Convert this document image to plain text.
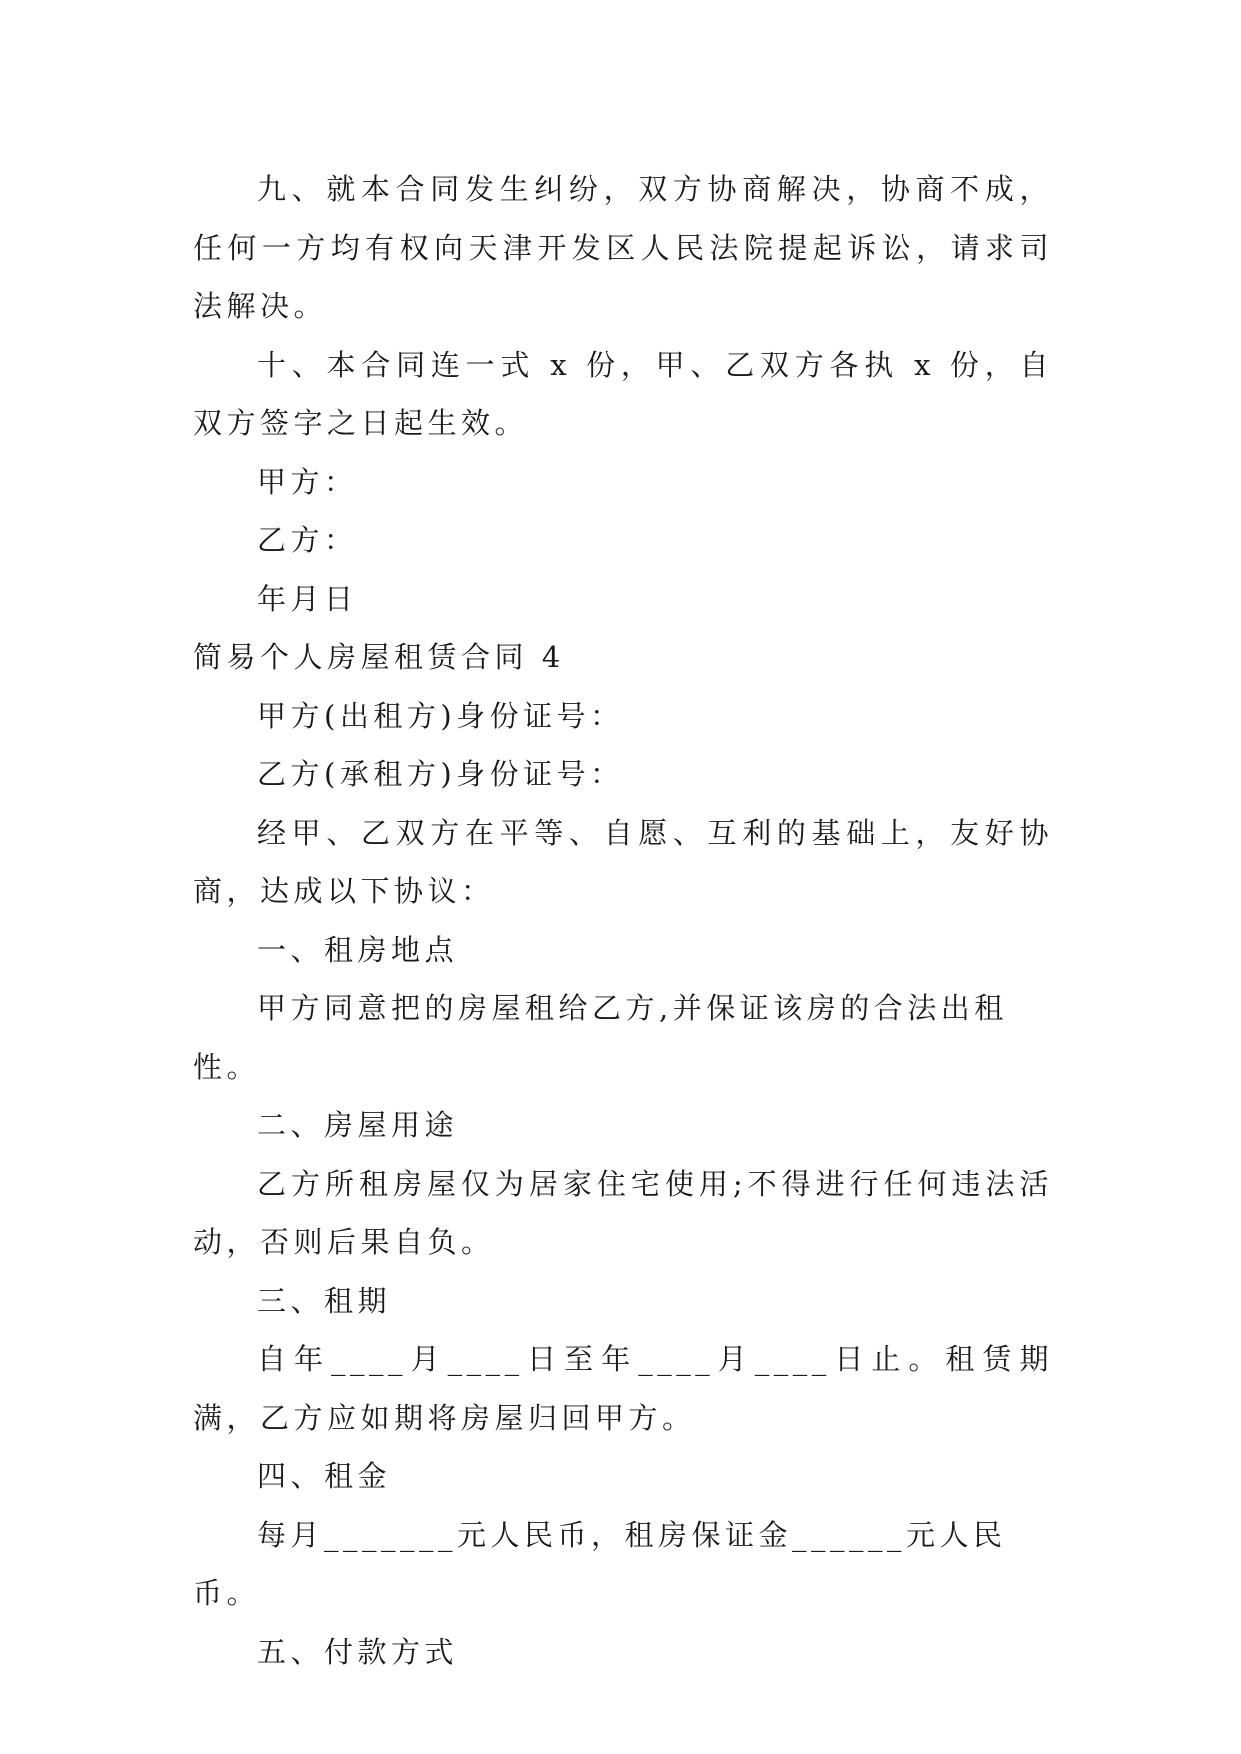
九、就本合同发生纠纷，双方协商解决，协商不成，任何一方均有权向天津开发区人民法院提起诉讼，请求司法解决。

十、本合同连一式 x 份，甲、乙双方各执 x 份，自双方签字之日起生效。

甲方：

乙方：

年月日

简易个人房屋租赁合同 4

甲方(出租方)身份证号：

乙方(承租方)身份证号：

经甲、乙双方在平等、自愿、互利的基础上，友好协商，达成以下协议：

一、租房地点

甲方同意把的房屋租给乙方,并保证该房的合法出租性。

二、房屋用途

乙方所租房屋仅为居家住宅使用;不得进行任何违法活动，否则后果自负。

三、租期

自年____月____日至年____月____日止。租赁期满，乙方应如期将房屋归回甲方。

四、租金

每月_______元人民币，租房保证金______元人民币。

五、付款方式
